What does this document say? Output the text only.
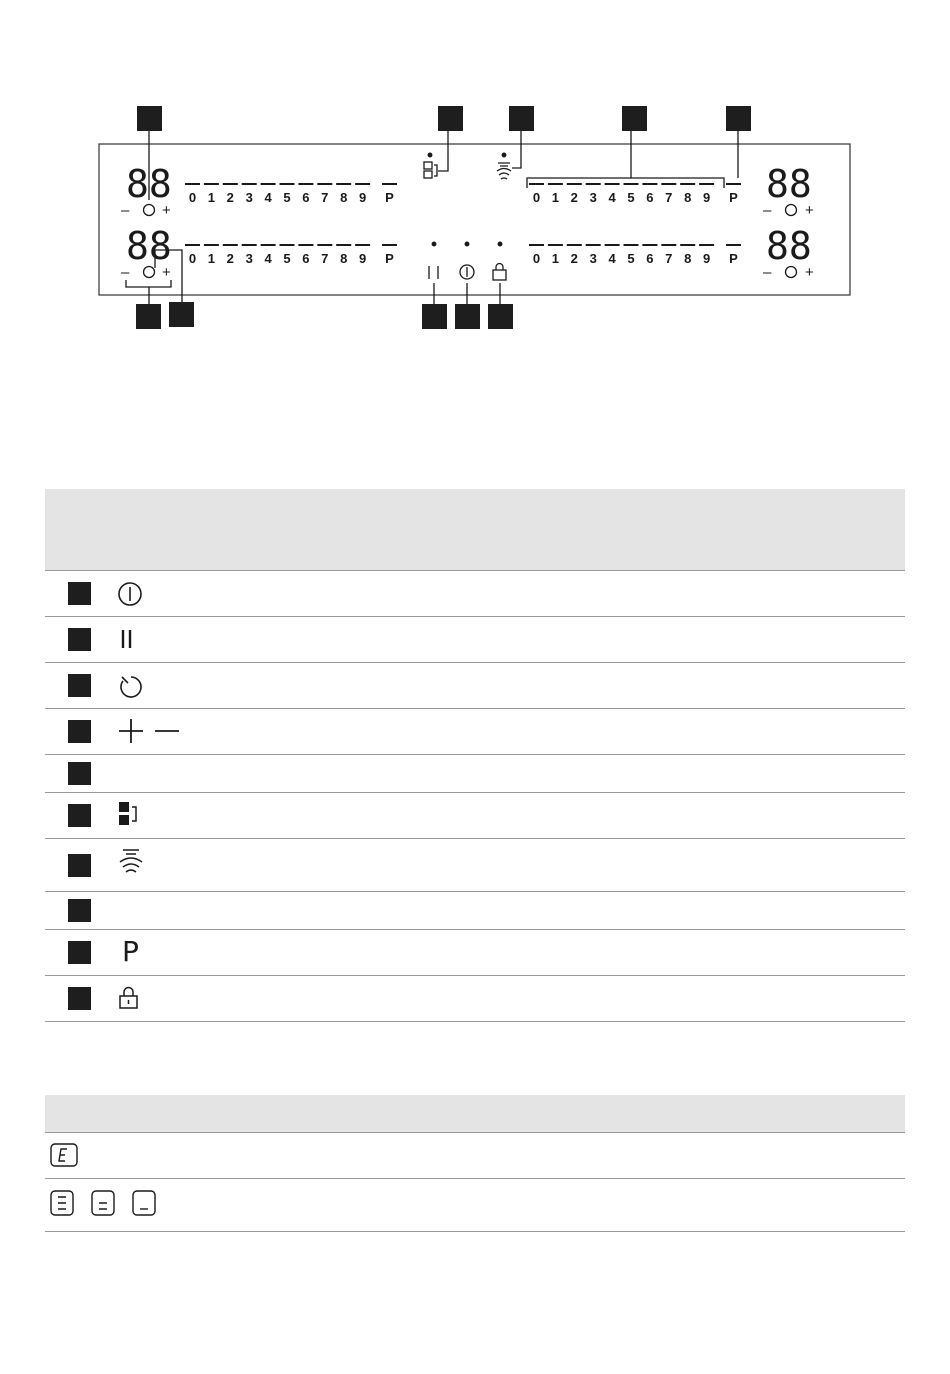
88
88
88
88
– +
– +
– +
– +
0 1 2 3 4 5 6 7 8 9 P
0 1 2 3 4 5 6 7 8 9 P
0 1 2 3 4 5 6 7 8 9 P
0 1 2 3 4 5 6 7 8 9 P
P
